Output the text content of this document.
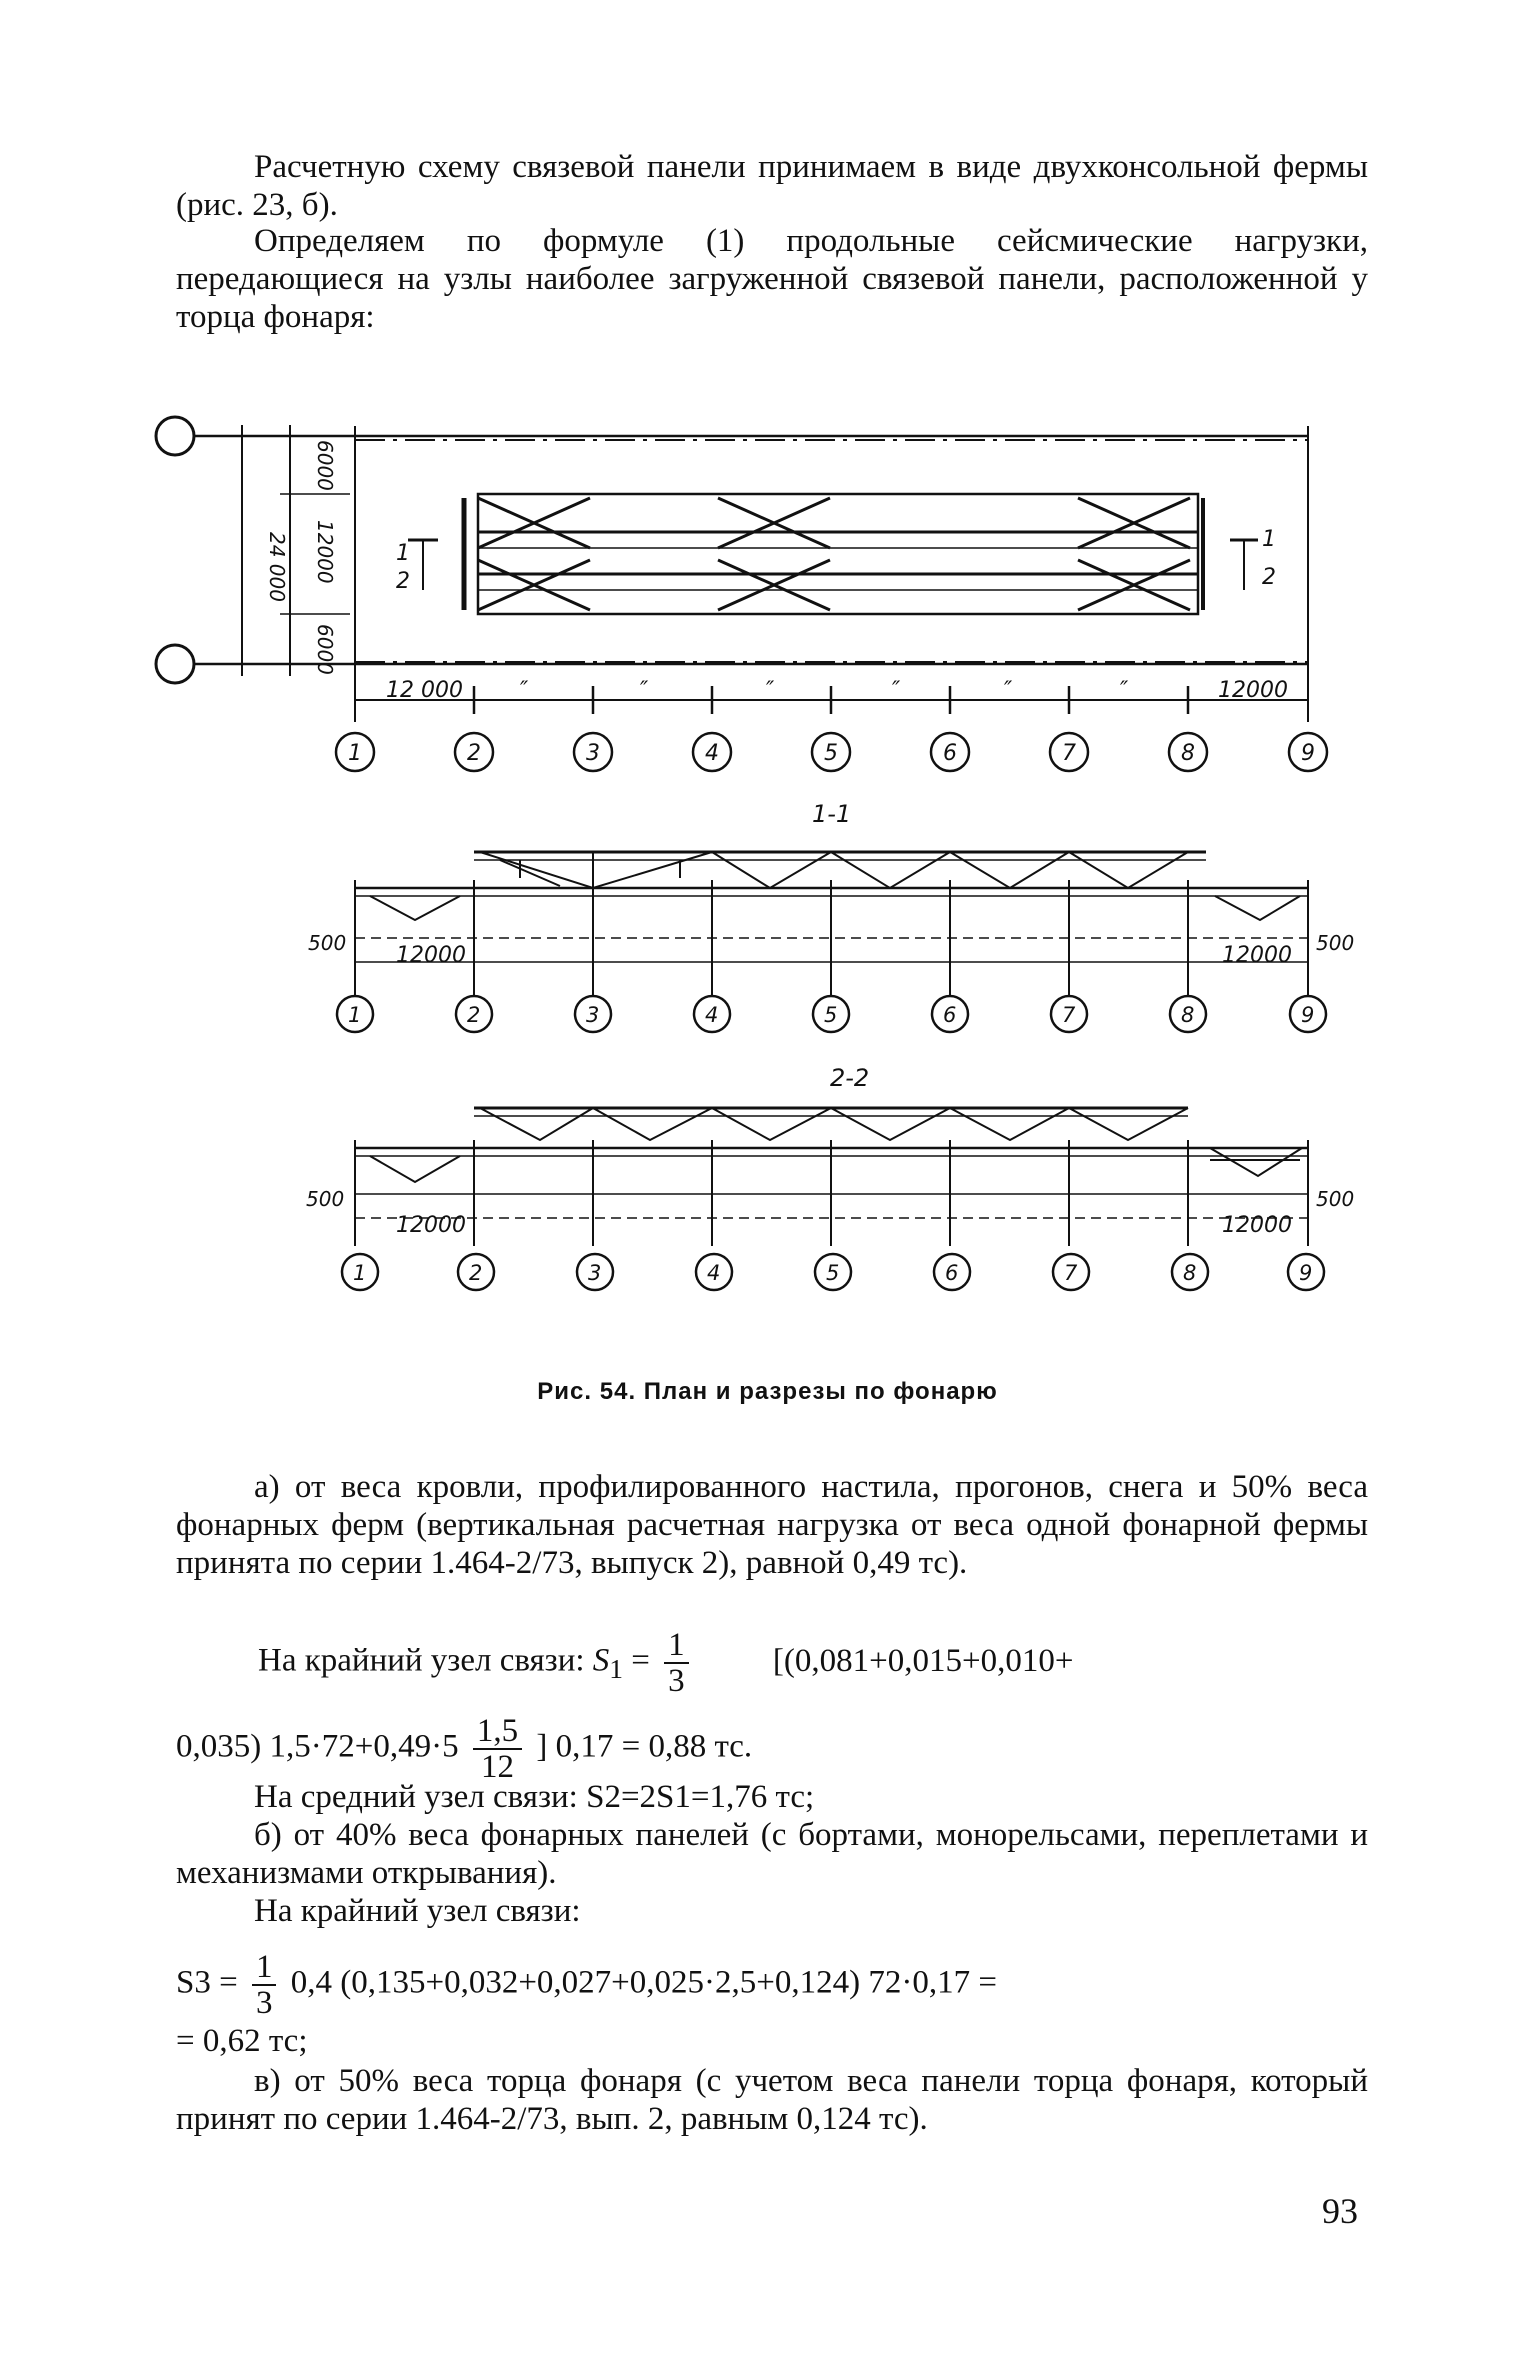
Расчетную схему связевой панели принимаем в виде двухконсольной фермы (рис. 23, б).
Определяем по формуле (1) продольные сейсмические нагрузки, передающиеся на узлы наиболее загруженной связевой панели, расположенной у торца фонаря:
6000
12000
6000
24 000	1
2
1
2
12 000	″	″	″	″	″	″	12000
1	2	3	4	5	6	7	8	9
1-1
500	500
12000	12000
1	2	3	4	5	6	7	8	9
2-2
500	500
12000	12000
1	2	3	4	5	6	7	8	9
Рис. 54. План и разрезы по фонарю
а) от веса кровли, профилированного настила, прогонов, снега и 50% веса фонарных ферм (вертикальная расчетная нагрузка от веса одной фонарной фермы принята по серии 1.464-2/73, выпуск 2), равной 0,49 тс).
На крайний узел связи: $S_1 = \frac{1}{3}$	[(0,081+0,015+0,010+
0,035) $1,5\cdot 72+0,49\cdot 5 \frac{1,5}{12}$ ] 0,17 = 0,88 тс.
На средний узел связи: S2=2S1=1,76 тс;
б) от 40% веса фонарных панелей (с бортами, монорельсами, переплетами и механизмами открывания).
На крайний узел связи:
$S3 = \frac{1}{3} 0,4$ (0,135+0,032+0,027+0,025·2,5+0,124) 72·0,17 =
= 0,62 тс;
в) от 50% веса торца фонаря (с учетом веса панели торца фонаря, который принят по серии 1.464-2/73, вып. 2, равным 0,124 тс).
93
